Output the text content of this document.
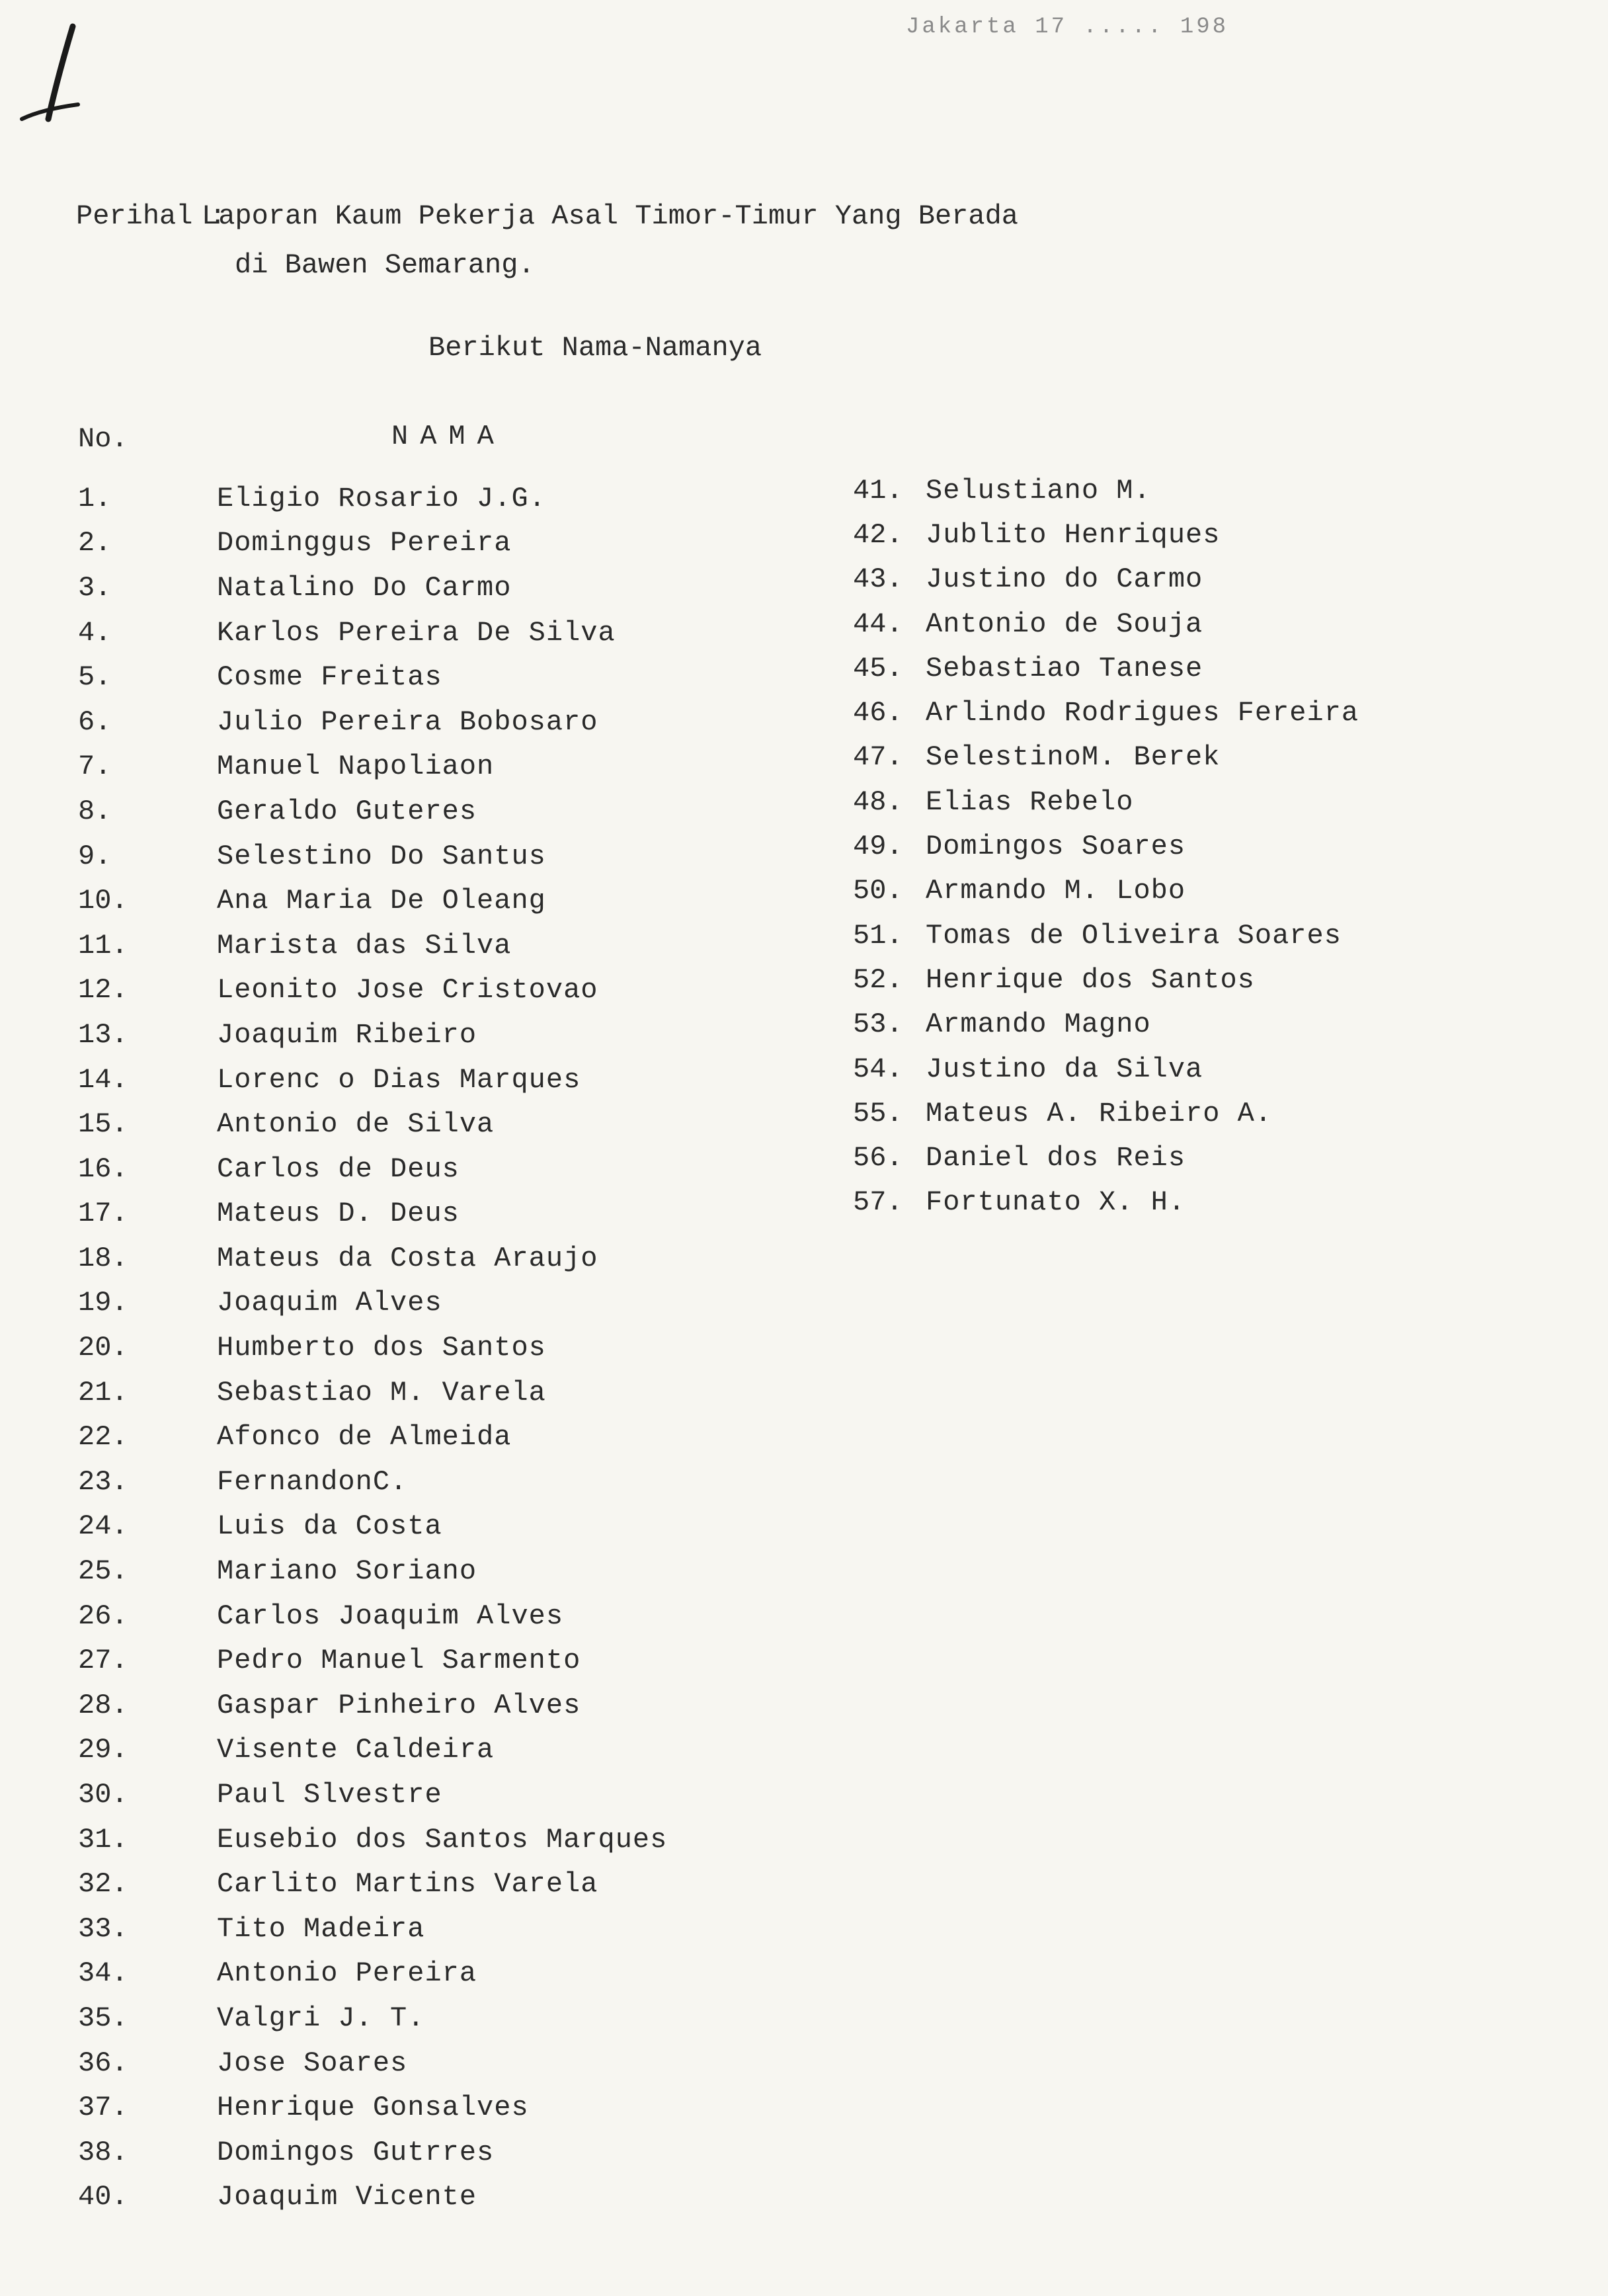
Jakarta 17 ..... 198
Perihal :Laporan Kaum Pekerja Asal Timor-Timur Yang Berada
di Bawen Semarang.
Berikut Nama-Namanya
No.	NAMA
1.	Eligio Rosario J.G.
2.	Dominggus Pereira
3.	Natalino Do Carmo
4.	Karlos Pereira De Silva
5.	Cosme Freitas
6.	Julio Pereira Bobosaro
7.	Manuel Napoliaon
8.	Geraldo Guteres
9.	Selestino Do Santus
10.	Ana Maria De Oleang
11.	Marista das Silva
12.	Leonito Jose Cristovao
13.	Joaquim Ribeiro
14.	Lorenc o Dias Marques
15.	Antonio de Silva
16.	Carlos de Deus
17.	Mateus D. Deus
18.	Mateus da Costa Araujo
19.	Joaquim Alves
20.	Humberto dos Santos
21.	Sebastiao M. Varela
22.	Afonco de Almeida
23.	FernandonC.
24.	Luis da Costa
25.	Mariano Soriano
26.	Carlos Joaquim Alves
27.	Pedro Manuel Sarmento
28.	Gaspar Pinheiro Alves
29.	Visente Caldeira
30.	Paul Slvestre
31.	Eusebio dos Santos Marques
32.	Carlito Martins Varela
33.	Tito Madeira
34.	Antonio Pereira
35.	Valgri J. T.
36.	Jose Soares
37.	Henrique Gonsalves
38.	Domingos Gutrres
40.	Joaquim Vicente
41. Selustiano M.
42. Jublito Henriques
43. Justino do Carmo
44. Antonio de Souja
45. Sebastiao Tanese
46. Arlindo Rodrigues Fereira
47. SelestinoM. Berek
48. Elias Rebelo
49. Domingos Soares
50. Armando M. Lobo
51. Tomas de Oliveira Soares
52. Henrique dos Santos
53. Armando Magno
54. Justino da Silva
55. Mateus A. Ribeiro A.
56. Daniel dos Reis
57. Fortunato X. H.
